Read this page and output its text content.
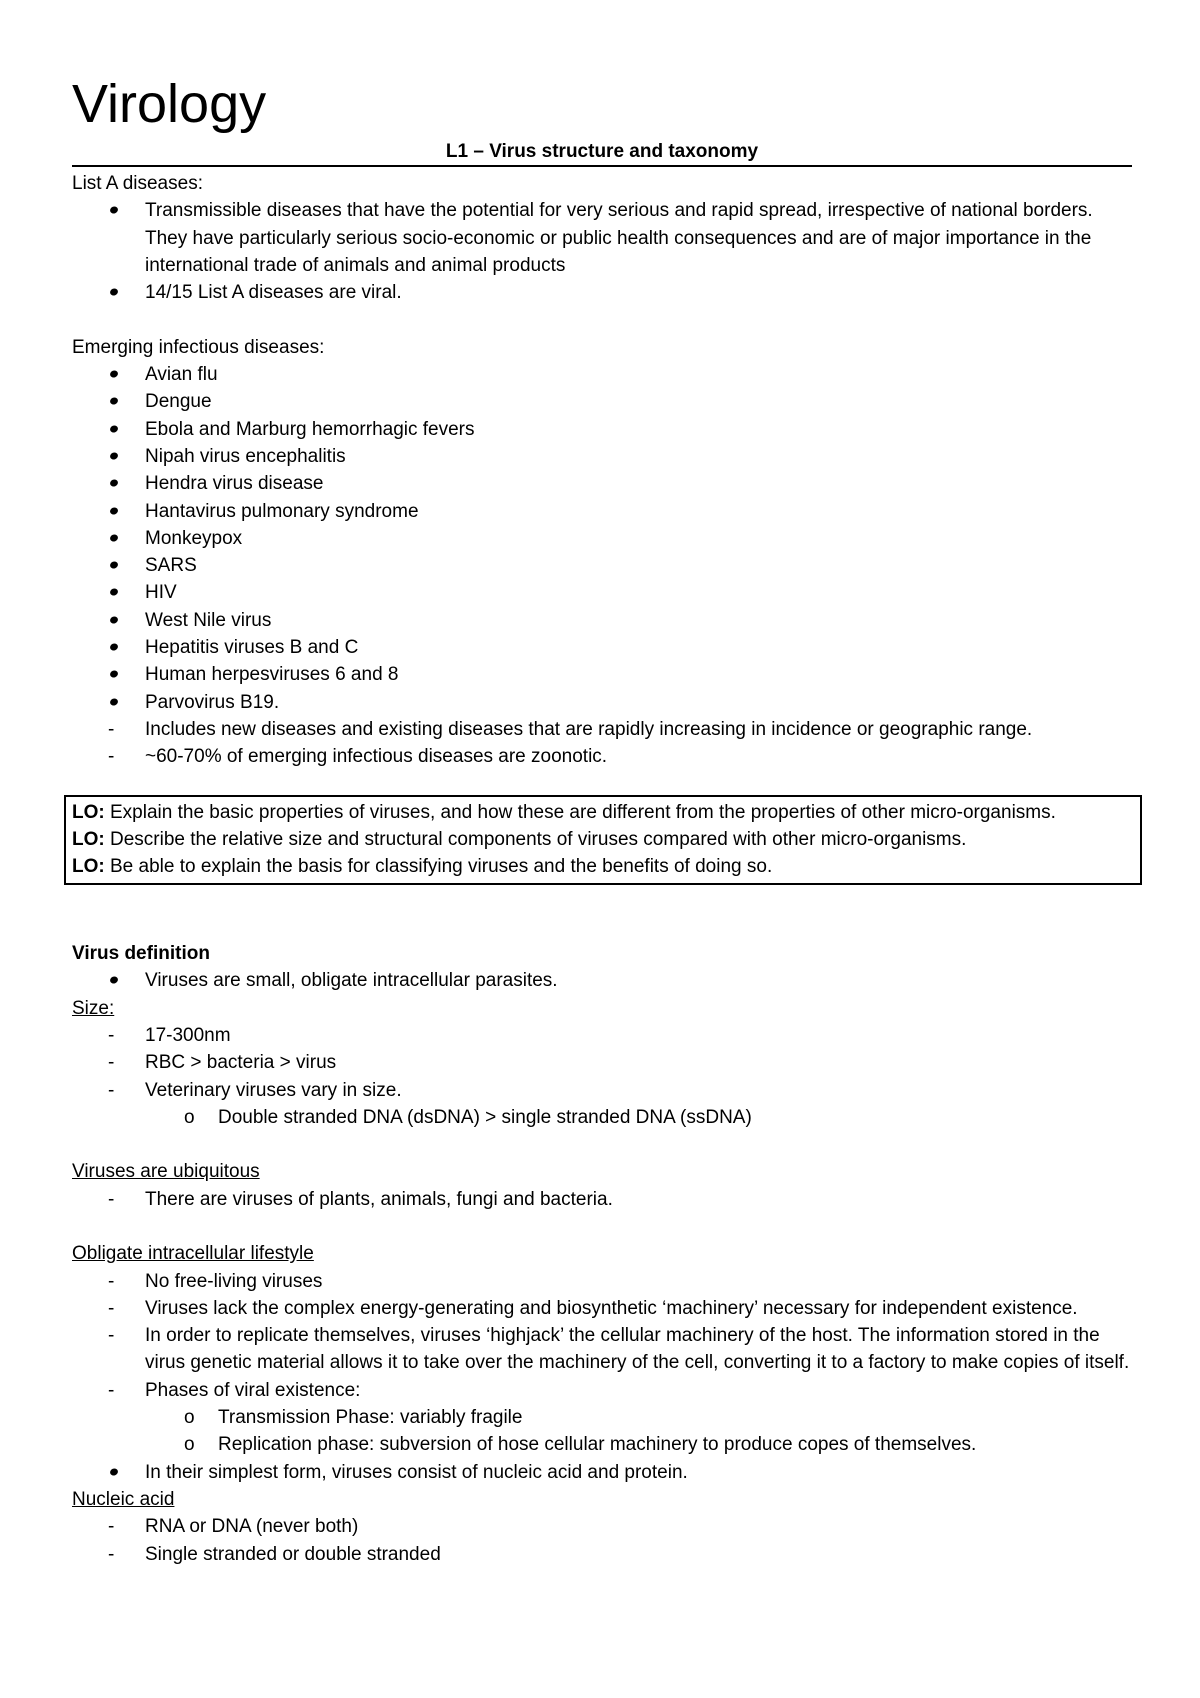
Virology
L1 – Virus structure and taxonomy

List A diseases:

Transmissible diseases that have the potential for very serious and rapid spread, irrespective of national borders. They have particularly serious socio-economic or public health consequences and are of major importance in the international trade of animals and animal products
14/15 List A diseases are viral.

Emerging infectious diseases:

Avian flu
Dengue
Ebola and Marburg hemorrhagic fevers
Nipah virus encephalitis
Hendra virus disease
Hantavirus pulmonary syndrome
Monkeypox
SARS
HIV
West Nile virus
Hepatitis viruses B and C
Human herpesviruses 6 and 8
Parvovirus B19.
-	Includes new diseases and existing diseases that are rapidly increasing in incidence or geographic range.
-	~60-70% of emerging infectious diseases are zoonotic.

LO: Explain the basic properties of viruses, and how these are different from the properties of other micro-organisms.

LO: Describe the relative size and structural components of viruses compared with other micro-organisms.

LO: Be able to explain the basis for classifying viruses and the benefits of doing so.

Virus definition

Viruses are small, obligate intracellular parasites.

Size:

-	17-300nm
-	RBC > bacteria > virus
-	Veterinary viruses vary in size.
o	Double stranded DNA (dsDNA) > single stranded DNA (ssDNA)

Viruses are ubiquitous

-	There are viruses of plants, animals, fungi and bacteria.

Obligate intracellular lifestyle

-	No free-living viruses
-	Viruses lack the complex energy-generating and biosynthetic ‘machinery’ necessary for independent existence.
-	In order to replicate themselves, viruses ‘highjack’ the cellular machinery of the host. The information stored in the virus genetic material allows it to take over the machinery of the cell, converting it to a factory to make copies of itself.
-	Phases of viral existence:
o	Transmission Phase: variably fragile
o	Replication phase: subversion of hose cellular machinery to produce copes of themselves.
In their simplest form, viruses consist of nucleic acid and protein.

Nucleic acid

-	RNA or DNA (never both)
-	Single stranded or double stranded
